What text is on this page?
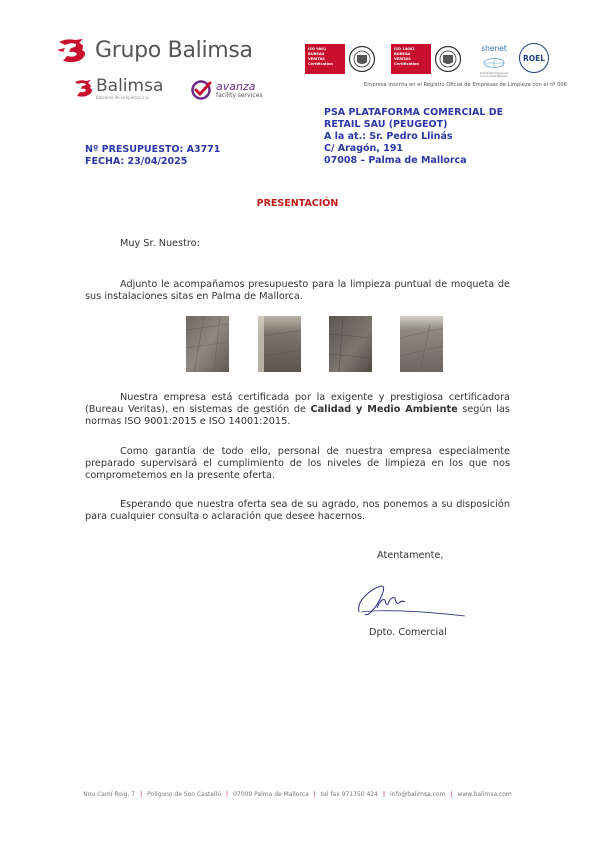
Grupo Balimsa
Balimsa
Baleares de Limpiezas s.a.
avanza
facility services
ISO 9001
BUREAU VERITAS
Certification
ISO 14001
BUREAU VERITAS
Certification
shenet
Sustainable Hygiene & Environment Network
ROEL
Empresa inscrita en el Registro Oficial de Empresas de Limpieza con el nº 006
PSA PLATAFORMA COMERCIAL DE
RETAIL SAU (PEUGEOT)
A la at.: Sr. Pedro Llinás
C/ Aragón, 191
07008 – Palma de Mallorca
Nº PRESUPUESTO: A3771
FECHA: 23/04/2025
PRESENTACIÓN
Muy Sr. Nuestro:
Adjunto le acompañamos presupuesto para la limpieza puntual de moqueta de sus instalaciones sitas en Palma de Mallorca.
Nuestra empresa está certificada por la exigente y prestigiosa certificadora (Bureau Veritas), en sistemas de gestión de Calidad y Medio Ambiente según las normas ISO 9001:2015 e ISO 14001:2015.
Como garantía de todo ello, personal de nuestra empresa especialmente preparado supervisará el cumplimiento de los niveles de limpieza en los que nos comprometemos en la presente oferta.
Esperando que nuestra oferta sea de su agrado, nos ponemos a su disposición para cualquier consulta o aclaración que desee hacernos.
Atentamente,
Dpto. Comercial
Nou Camí Roig, 7 | Polígono de Son Castelló | 07009 Palma de Mallorca | tel fax 971750 424 | info@balimsa.com | www.balimsa.com
